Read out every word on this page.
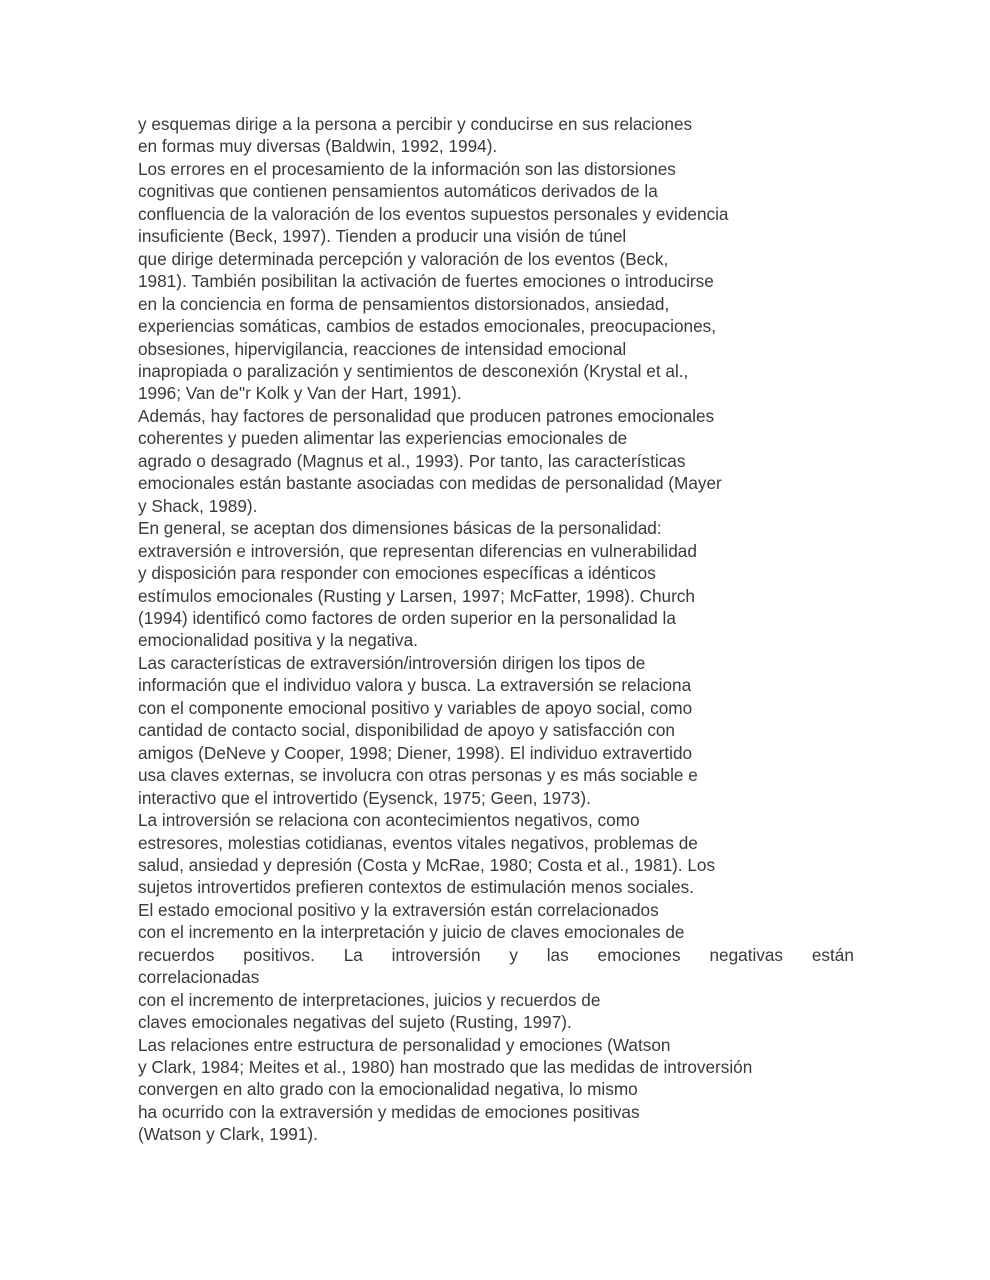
y esquemas dirige a la persona a percibir y conducirse en sus relaciones
en formas muy diversas (Baldwin, 1992, 1994).
Los errores en el procesamiento de la información son las distorsiones
cognitivas que contienen pensamientos automáticos derivados de la
confluencia de la valoración de los eventos supuestos personales y evidencia
insuficiente (Beck, 1997). Tienden a producir una visión de túnel
que dirige determinada percepción y valoración de los eventos (Beck,
1981). También posibilitan la activación de fuertes emociones o introducirse
en la conciencia en forma de pensamientos distorsionados, ansiedad,
experiencias somáticas, cambios de estados emocionales, preocupaciones,
obsesiones, hipervigilancia, reacciones de intensidad emocional
inapropiada o paralización y sentimientos de desconexión (Krystal et al.,
1996; Van de"r Kolk y Van der Hart, 1991).
Además, hay factores de personalidad que producen patrones emocionales
coherentes y pueden alimentar las experiencias emocionales de
agrado o desagrado (Magnus et al., 1993). Por tanto, las características
emocionales están bastante asociadas con medidas de personalidad (Mayer
y Shack, 1989).
En general, se aceptan dos dimensiones básicas de la personalidad:
extraversión e introversión, que representan diferencias en vulnerabilidad
y disposición para responder con emociones específicas a idénticos
estímulos emocionales (Rusting y Larsen, 1997; McFatter, 1998). Church
(1994) identificó como factores de orden superior en la personalidad la
emocionalidad positiva y la negativa.
Las características de extraversión/introversión dirigen los tipos de
información que el individuo valora y busca. La extraversión se relaciona
con el componente emocional positivo y variables de apoyo social, como
cantidad de contacto social, disponibilidad de apoyo y satisfacción con
amigos (DeNeve y Cooper, 1998; Diener, 1998). El individuo extravertido
usa claves externas, se involucra con otras personas y es más sociable e
interactivo que el introvertido (Eysenck, 1975; Geen, 1973).
La introversión se relaciona con acontecimientos negativos, como
estresores, molestias cotidianas, eventos vitales negativos, problemas de
salud, ansiedad y depresión (Costa y McRae, 1980; Costa et al., 1981). Los
sujetos introvertidos prefieren contextos de estimulación menos sociales.
El estado emocional positivo y la extraversión están correlacionados
con el incremento en la interpretación y juicio de claves emocionales de
recuerdos positivos. La introversión y las emociones negativas están
correlacionadas
con el incremento de interpretaciones, juicios y recuerdos de
claves emocionales negativas del sujeto (Rusting, 1997).
Las relaciones entre estructura de personalidad y emociones (Watson
y Clark, 1984; Meites et al., 1980) han mostrado que las medidas de introversión
convergen en alto grado con la emocionalidad negativa, lo mismo
ha ocurrido con la extraversión y medidas de emociones positivas
(Watson y Clark, 1991).
